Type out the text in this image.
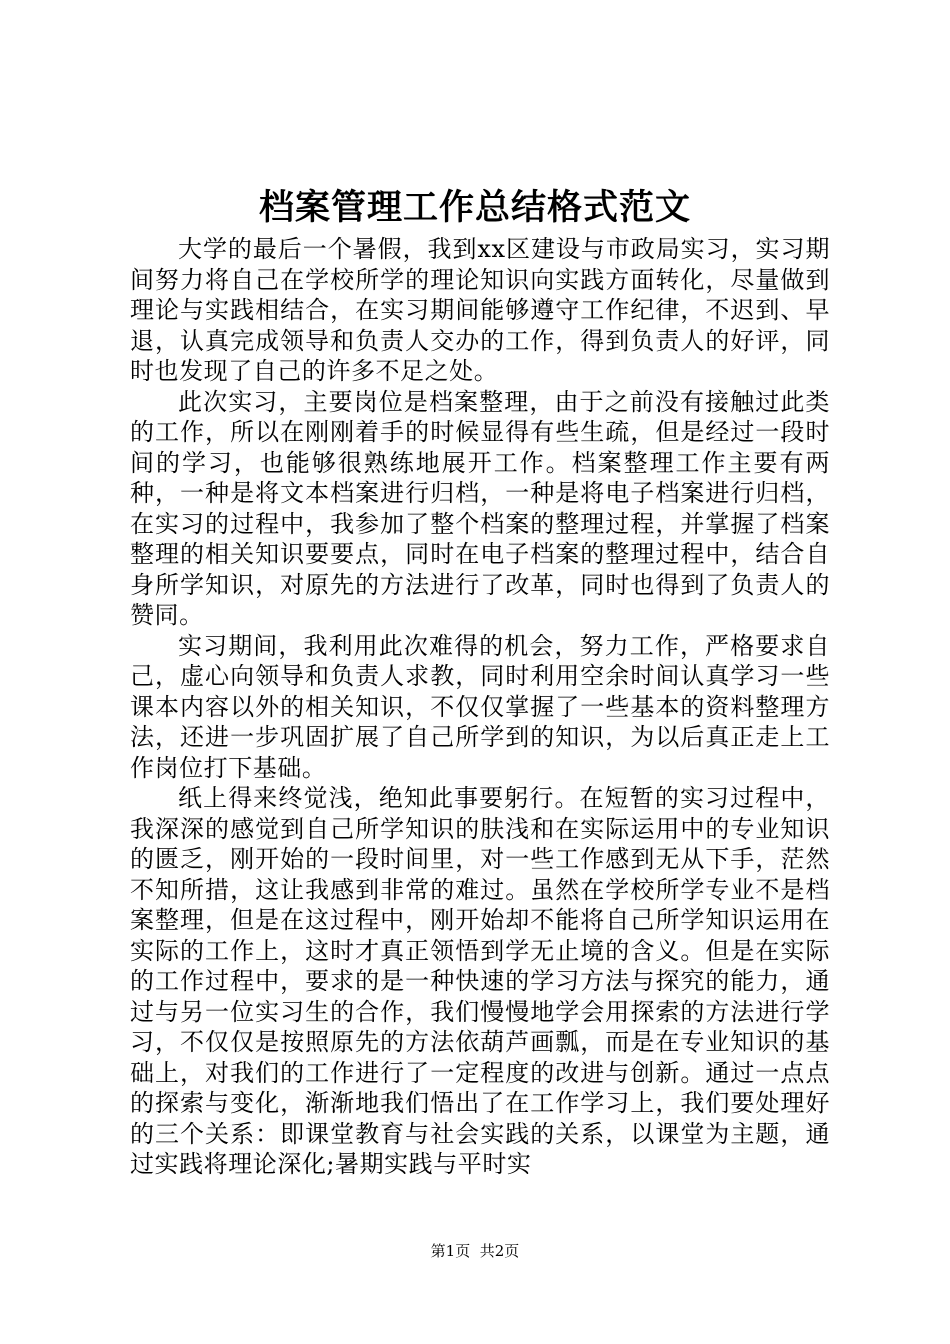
档案管理工作总结格式范文

大学的最后一个暑假，我到xx区建设与市政局实习，实习期间努力将自己在学校所学的理论知识向实践方面转化，尽量做到理论与实践相结合，在实习期间能够遵守工作纪律，不迟到、早退，认真完成领导和负责人交办的工作，得到负责人的好评，同时也发现了自己的许多不足之处。

此次实习，主要岗位是档案整理，由于之前没有接触过此类的工作，所以在刚刚着手的时候显得有些生疏，但是经过一段时间的学习，也能够很熟练地展开工作。档案整理工作主要有两种，一种是将文本档案进行归档，一种是将电子档案进行归档，在实习的过程中，我参加了整个档案的整理过程，并掌握了档案整理的相关知识要要点，同时在电子档案的整理过程中，结合自身所学知识，对原先的方法进行了改革，同时也得到了负责人的赞同。

实习期间，我利用此次难得的机会，努力工作，严格要求自己，虚心向领导和负责人求教，同时利用空余时间认真学习一些课本内容以外的相关知识，不仅仅掌握了一些基本的资料整理方法，还进一步巩固扩展了自己所学到的知识，为以后真正走上工作岗位打下基础。

纸上得来终觉浅，绝知此事要躬行。在短暂的实习过程中，我深深的感觉到自己所学知识的肤浅和在实际运用中的专业知识的匮乏，刚开始的一段时间里，对一些工作感到无从下手，茫然不知所措，这让我感到非常的难过。虽然在学校所学专业不是档案整理，但是在这过程中，刚开始却不能将自己所学知识运用在实际的工作上，这时才真正领悟到学无止境的含义。但是在实际的工作过程中，要求的是一种快速的学习方法与探究的能力，通过与另一位实习生的合作，我们慢慢地学会用探索的方法进行学习，不仅仅是按照原先的方法依葫芦画瓢，而是在专业知识的基础上，对我们的工作进行了一定程度的改进与创新。通过一点点的探索与变化，渐渐地我们悟出了在工作学习上，我们要处理好的三个关系：即课堂教育与社会实践的关系，以课堂为主题，通过实践将理论深化;暑期实践与平时实

第1页 共2页
